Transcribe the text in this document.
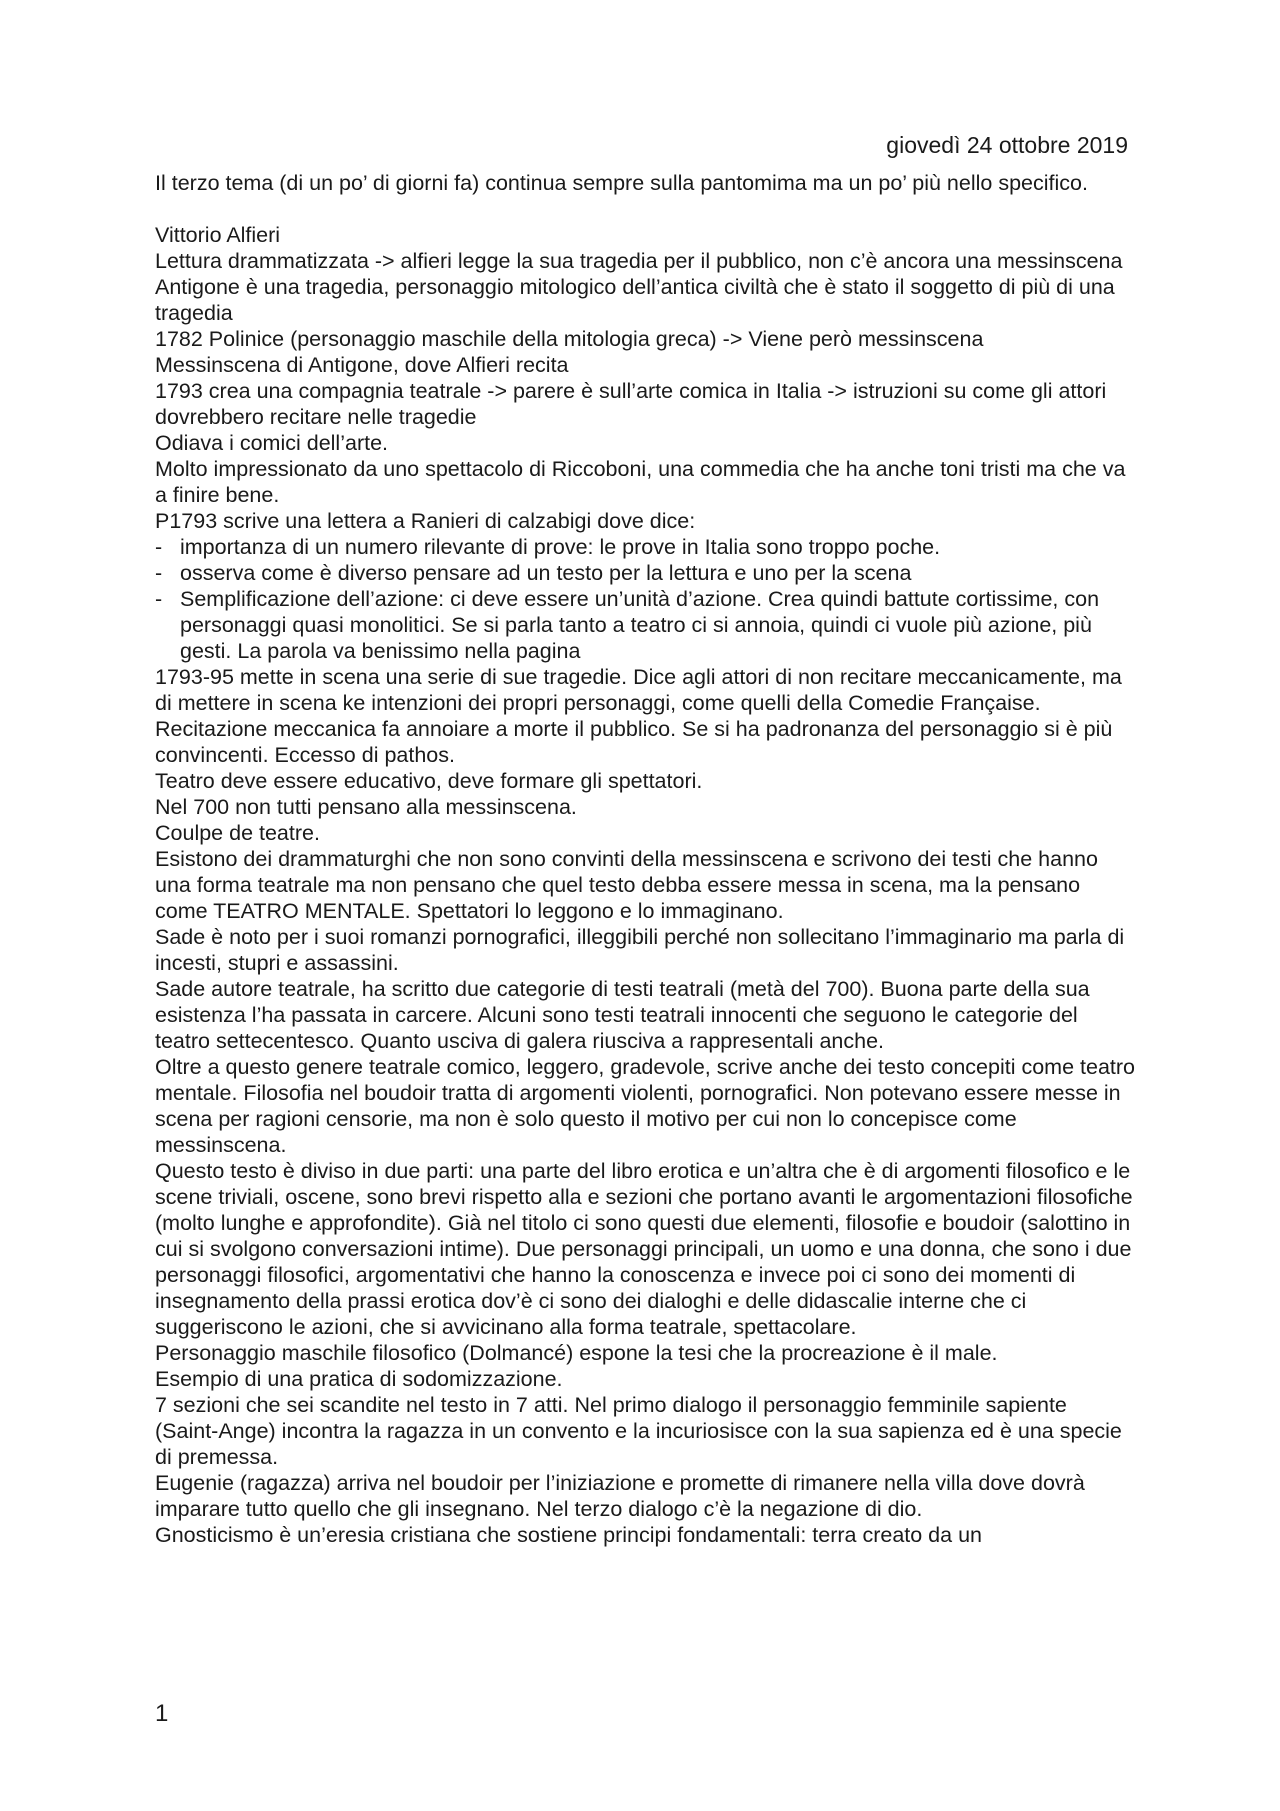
giovedì 24 ottobre 2019

Il terzo tema (di un po’ di giorni fa) continua sempre sulla pantomima ma un po’ più nello specifico.

Vittorio Alfieri

Lettura drammatizzata -> alfieri legge la sua tragedia per il pubblico, non c’è ancora una messinscena

Antigone è una tragedia, personaggio mitologico dell’antica civiltà che è stato il soggetto di più di una tragedia

1782 Polinice (personaggio maschile della mitologia greca) -> Viene però messinscena

Messinscena di Antigone, dove Alfieri recita

1793 crea una compagnia teatrale -> parere è sull’arte comica in Italia -> istruzioni su come gli attori dovrebbero recitare nelle tragedie

Odiava i comici dell’arte.

Molto impressionato da uno spettacolo di Riccoboni, una commedia che ha anche toni tristi ma che va a finire bene.

P1793 scrive una lettera a Ranieri di calzabigi dove dice:

- importanza di un numero rilevante di prove: le prove in Italia sono troppo poche.
- osserva come è diverso pensare ad un testo per la lettura e uno per la scena
- Semplificazione dell’azione: ci deve essere un’unità d’azione. Crea quindi battute cortissime, con personaggi quasi monolitici. Se si parla tanto a teatro ci si annoia, quindi ci vuole più azione, più gesti. La parola va benissimo nella pagina

1793-95 mette in scena una serie di sue tragedie. Dice agli attori di non recitare meccanicamente, ma di mettere in scena ke intenzioni dei propri personaggi, come quelli della Comedie Française. Recitazione meccanica fa annoiare a morte il pubblico. Se si ha padronanza del personaggio si è più convincenti. Eccesso di pathos.

Teatro deve essere educativo, deve formare gli spettatori.

Nel 700 non tutti pensano alla messinscena.

Coulpe de teatre.

Esistono dei drammaturghi che non sono convinti della messinscena e scrivono dei testi che hanno una forma teatrale ma non pensano che quel testo debba essere messa in scena, ma la pensano come TEATRO MENTALE. Spettatori lo leggono e lo immaginano.

Sade è noto per i suoi romanzi pornografici, illeggibili perché non sollecitano l’immaginario ma parla di incesti, stupri e assassini.

Sade autore teatrale, ha scritto due categorie di testi teatrali (metà del 700). Buona parte della sua esistenza l’ha passata in carcere. Alcuni sono testi teatrali innocenti che seguono le categorie del teatro settecentesco. Quanto usciva di galera riusciva a rappresentali anche.

Oltre a questo genere teatrale comico, leggero, gradevole, scrive anche dei testo concepiti come teatro mentale. Filosofia nel boudoir tratta di argomenti violenti, pornografici. Non potevano essere messe in scena per ragioni censorie, ma non è solo questo il motivo per cui non lo concepisce come messinscena.

Questo testo è diviso in due parti: una parte del libro erotica e un’altra che è di argomenti filosofico e le scene triviali, oscene, sono brevi rispetto alla e sezioni che portano avanti le argomentazioni filosofiche (molto lunghe e approfondite). Già nel titolo ci sono questi due elementi, filosofie e boudoir (salottino in cui si svolgono conversazioni intime). Due personaggi principali, un uomo e una donna, che sono i due personaggi filosofici, argomentativi che hanno la conoscenza e invece poi ci sono dei momenti di insegnamento della prassi erotica dov’è ci sono dei dialoghi e delle didascalie interne che ci suggeriscono le azioni, che si avvicinano alla forma teatrale, spettacolare.

Personaggio maschile filosofico (Dolmancé) espone la tesi che la procreazione è il male.

Esempio di una pratica di sodomizzazione.

7 sezioni che sei scandite nel testo in 7 atti. Nel primo dialogo il personaggio femminile sapiente (Saint-Ange) incontra la ragazza in un convento e la incuriosisce con la sua sapienza ed è una specie di premessa.

Eugenie (ragazza) arriva nel boudoir per l’iniziazione e promette di rimanere nella villa dove dovrà imparare tutto quello che gli insegnano. Nel terzo dialogo c’è la negazione di dio.

Gnosticismo è un’eresia cristiana che sostiene principi fondamentali: terra creato da un

1
